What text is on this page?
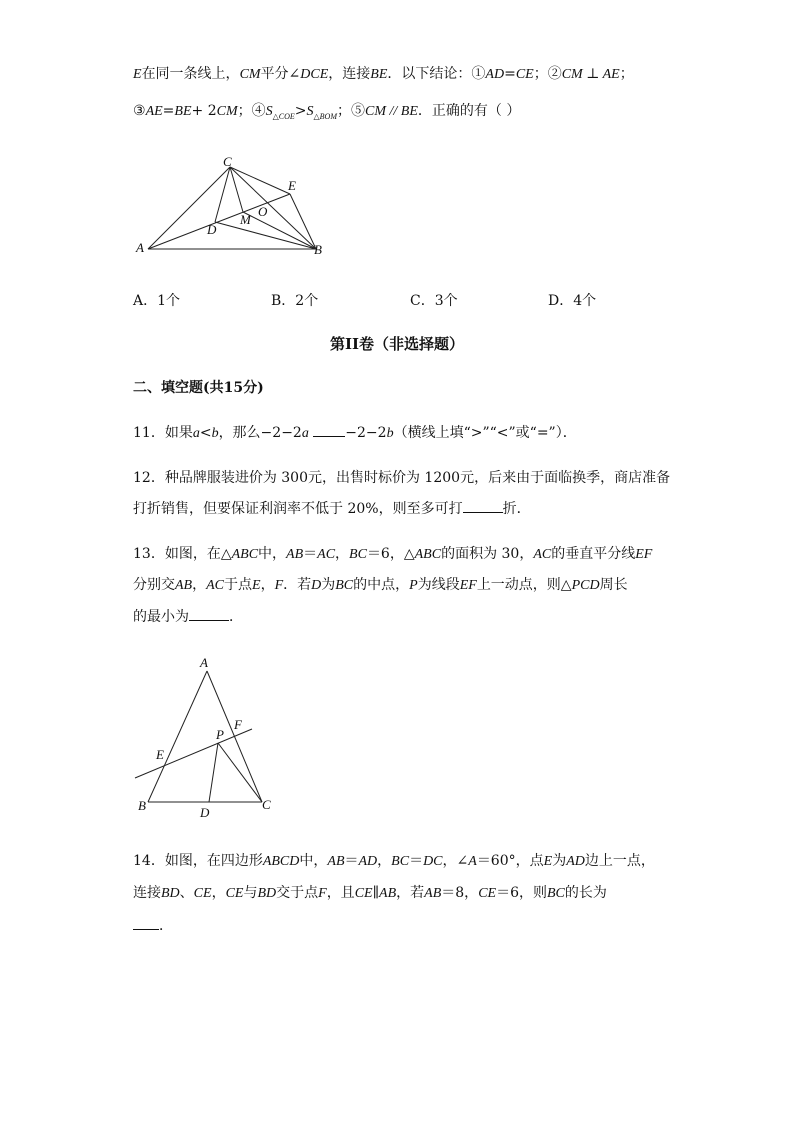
E在同一条线上，CM平分∠DCE，连接BE．以下结论：①AD=CE；②CM ⊥ AE；
③AE=BE+ 2CM；$④S_{\triangle COE}>S_{\triangle BOM}$；⑤CM // BE．正确的有（ ）
C
E
O
D
M
A	B
A．1个	B．2个	C．3个	D．4个
第II卷（非选择题）
二、填空题(共15分)
11．如果a<b，那么−2−2a	−2−2b（横线上填“>”“<”或“=”）．
12．种品牌服装进价为 300元，出售时标价为 1200元，后来由于面临换季，商店准备
打折销售，但要保证利润率不低于 20%，则至多可打	折．
13．如图，在△ABC中，AB＝AC，BC＝6，△ABC的面积为 30，AC的垂直平分线EF
分别交AB，AC于点E，F．若D为BC的中点，P为线段EF上一动点，则△PCD周长
的最小为	．
A
F
P
E
B	D
C
14．如图，在四边形ABCD中，AB＝AD，BC＝DC，∠A＝60°，点E为AD边上一点，
连接BD、CE，CE与BD交于点F，且CE∥AB，若AB＝8，CE＝6，则BC的长为
．
